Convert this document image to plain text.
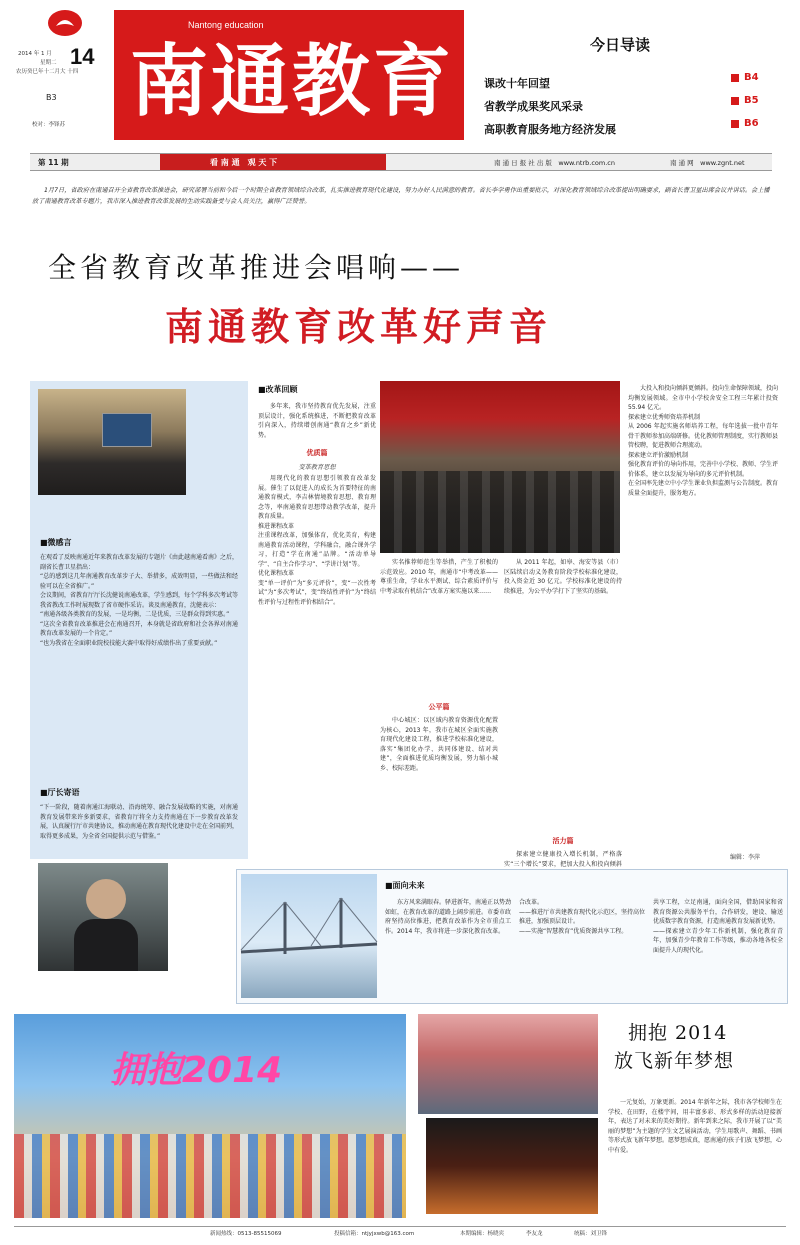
2014 年 1 月 14
星期二
农历癸巳年十二月大 十四
B3
校对：李锋苏
Nantong education
南通教育	今日导读
课改十年回望	B4
省教学成果奖风采录	B5
高职教育服务地方经济发展	B6
第 11 期	看 南 通　观 天 下	南 通 日 报 社 出 版　www.ntrb.com.cn	南 通 网　www.zgnt.net
1月7日，省政府在南通召开全省教育改革推进会，研究部署当前和今后一个时期全省教育领域综合改革，扎实推进教育现代化建设，努力办好人民满意的教育。省长李学勇作出重要批示，对深化教育领域综合改革提出明确要求，副省长曹卫星出席会议并讲话。会上播放了南通教育改革专题片，我市深入推进教育改革发展的生动实践备受与会人员关注，赢得广泛赞誉。
全省教育改革推进会唱响——
南通教育改革好声音
■微感言
在观看了反映南通近年来教育改革发展的专题片《由此越南通看南》之后，副省长曹卫星指出：
“总的感到这几年南通教育改革步子大、举措多，成效明显，一些做法和经验可以在全省推广。”
会议期间，省教育厅厅长沈健说南通改革，学生感到，每个学科多次考试等我省教改工作时展现数了省市硬作采访。谈及南通教育，沈健表示：
“南通各级各类教育的发展，一是均衡，二是优质，三是群众得到实惠。”
“这次全省教育改革推进会在南通召开，本身就是省政府和社会各界对南通教育改革发展的一个肯定。”
“也为我省在全面职业院校技能大赛中取得好成绩作出了重要贡献。”
■厅长寄语
“下一阶段，随着南通江海联动、沿海统筹、融合发展战略的实施，对南通教育发展带来许多新要求，省教育厅将全力支持南通在下一步教育改革发展，认真履行厅市共建协议，推动南通在教育现代化建设中走在全国前列，取得更多成果，为全省全国提供示范与借鉴。”
■改革回顾
多年来，我市坚持教育优先发展，注重顶层设计，强化系统推进，不断把教育改革引向深入，持续增创南通“教育之乡”新优势。
优质篇
变革教育思想
用现代化的教育思想引领教育改革发展。催生了以促进人的成长为首要特征的南通教育模式，李吉林情境教育思想、教育理念等，率南通教育思想带动教学改革，提升教育质量。
推进课程改革
注重课程改革，加强体育，优化美育，构建南通教育活动课程，学科融合，融合课外学习，打造“学在南通”品牌。“活动单导学”、“自主合作学习”、“学讲计划”等。
优化课程改革
变“单一评价”为“多元评价”，变“一次性考试”为“多次考试”，变“终结性评价”为“终结性评价与过程性评价相结合”。
实名推荐师范生等举措，产生了积极的示范效应。2010 年，南通市“中考改革——尊重生命，学业水平测试、综合素质评价与中考录取有机结合”改革方案实施以来……
公平篇
中心城区：以区域内教育资源优化配置为核心，2013 年，我市在城区全面实施教育现代化建设工程，推进学校标准化建设，落实“集团化办学、共同体建设、结对共建”，全面推进优质均衡发展，努力缩小城乡、校际差距。
从 2011 年起，如皋、海安等县（市）区陆续启动义务教育阶段学校标准化建设，投入资金近 30 亿元。学校标准化建设的持续推进，为公平办学打下了坚实的基础。
活力篇
探索建立健康投入增长机制，严格落实“三个增长”要求，把加大投入和投向倾斜
大投入和投向倾斜更倾斜。投向生命保障领域，投向均衡发展领域。全市中小学校舍安全工程三年累计投资 55.94 亿元。
探索建立优秀师资培养机制
从 2006 年起实施名师培养工程，每年选拔一批中青年骨干教师参加高端研修。优化教师管理制度，实行教师县管校聘，促进教师合理流动。
探索建立评价激励机制
强化教育评价的导向作用，完善中小学校、教师、学生评价体系，建立以发展为导向的多元评价机制。
在全国率先建立中小学生课业负担监测与公告制度。教育质量全面提升，服务地方。
编辑：李萍
■面向未来
东方风来满眼春。驿进新年，南通正以势劲如虹，在教育改革的道路上阔步前进。市委市政府坚持高位推进，把教育改革作为全市重点工作。2014 年，我市将进一步深化教育改革。
合改革。
——推进厅市共建教育现代化示范区，坚持高位推进，加强顶层设计。
——实施“智慧教育”优质资源共享工程。
共享工程，立足南通，面向全国，借助国家和省教育资源公共服务平台，合作研发，建设、输送优质数字教育资源，打造南通教育发展新优势。
——探索建立青少年工作新机制，强化教育青年，加强青少年教育工作等级，推动各地各校全面提升人的现代化。
拥抱2014
拥抱 2014
放飞新年梦想
一元复始，万象更新。2014 年新年之际，我市各学校师生在学校、在田野，在楼宇间，用丰富多彩、形式多样的活动迎接新年，表达了对未来的美好期待。新年到来之际，我市开展了以“美丽的梦想”为主题的学生文艺展演活动，学生用歌声、舞蹈、书画等形式放飞新年梦想。愿梦想成真，愿南通的孩子们放飞梦想，心中有爱。
新闻热线：0513-85515069	投稿信箱：ntjyjxwb@163.com	本期编辑：杨晓宾	李友龙	统稿：刘卫锋
